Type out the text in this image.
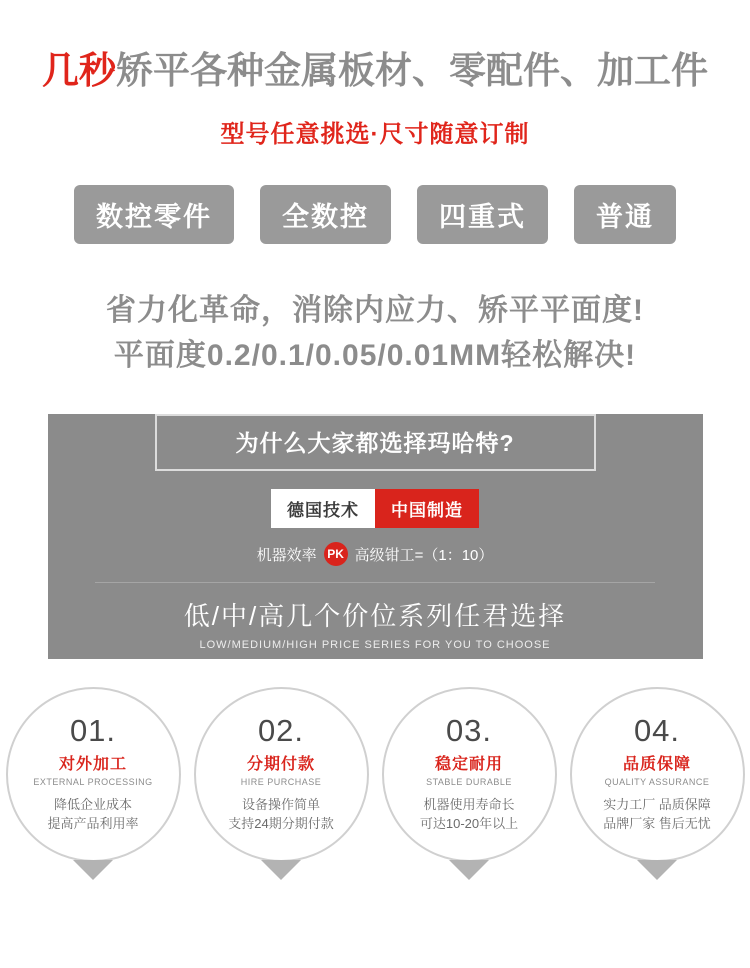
几秒矫平各种金属板材、零配件、加工件
型号任意挑选·尺寸随意订制
数控零件	全数控	四重式	普通
省力化革命，消除内应力、矫平平面度!
平面度0.2/0.1/0.05/0.01MM轻松解决!
为什么大家都选择玛哈特?
德国技术	中国制造
机器效率 PK 高级钳工=（1：10）
低/中/高几个价位系列任君选择
LOW/MEDIUM/HIGH PRICE SERIES FOR YOU TO CHOOSE
01.
对外加工
EXTERNAL PROCESSING
降低企业成本
提高产品利用率
02.
分期付款
HIRE PURCHASE
设备操作简单
支持24期分期付款
03.
稳定耐用
STABLE DURABLE
机器使用寿命长
可达10-20年以上
04.
品质保障
QUALITY ASSURANCE
实力工厂 品质保障
品牌厂家 售后无忧
